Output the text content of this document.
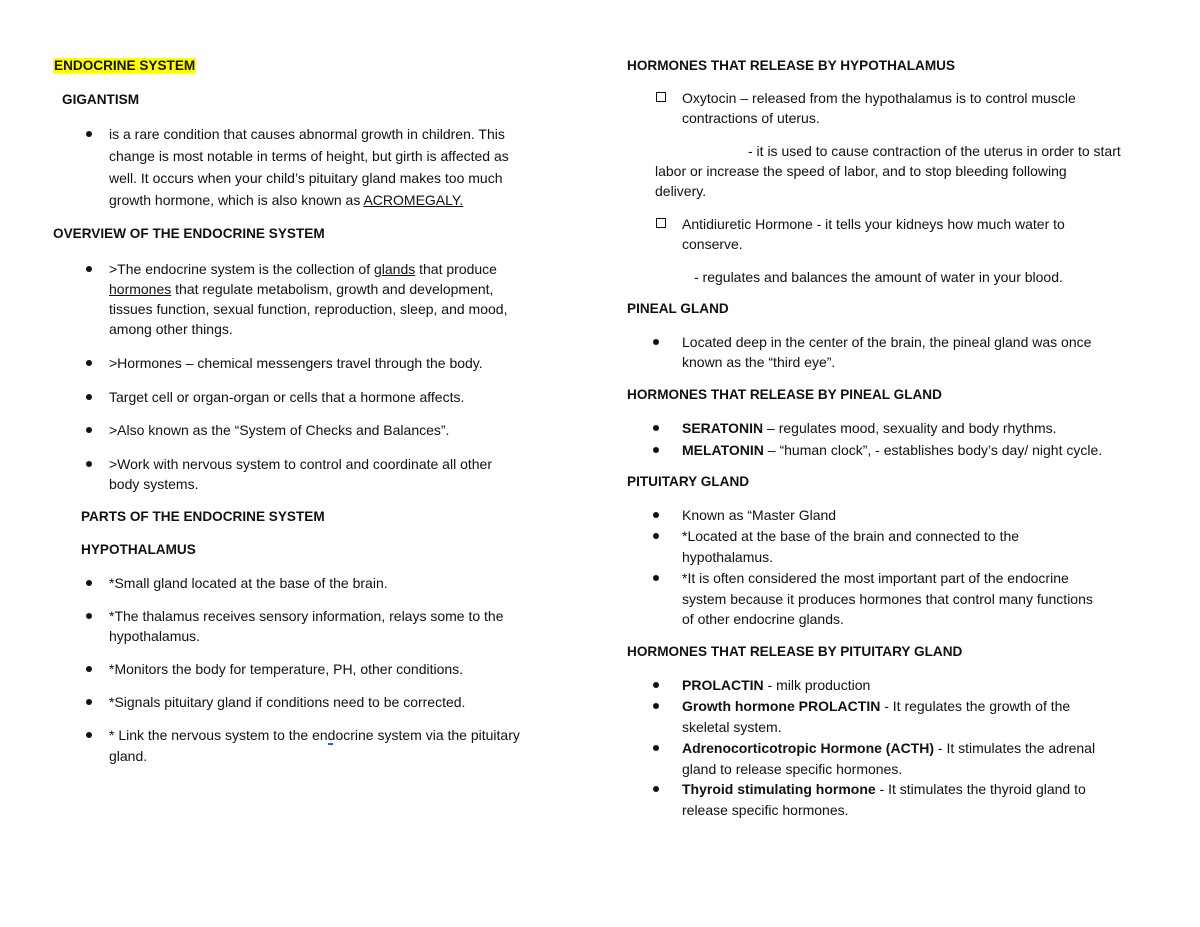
ENDOCRINE SYSTEM
GIGANTISM
is a rare condition that causes abnormal growth in children. This
change is most notable in terms of height, but girth is affected as
well. It occurs when your child’s pituitary gland makes too much
growth hormone, which is also known as ACROMEGALY.
OVERVIEW OF THE ENDOCRINE SYSTEM
>The endocrine system is the collection of glands that produce
hormones that regulate metabolism, growth and development,
tissues function, sexual function, reproduction, sleep, and mood,
among other things.
>Hormones – chemical messengers travel through the body.
Target cell or organ-organ or cells that a hormone affects.
>Also known as the “System of Checks and Balances”.
>Work with nervous system to control and coordinate all other
body systems.
PARTS OF THE ENDOCRINE SYSTEM
HYPOTHALAMUS
*Small gland located at the base of the brain.
*The thalamus receives sensory information, relays some to the
hypothalamus.
*Monitors the body for temperature, PH, other conditions.
*Signals pituitary gland if conditions need to be corrected.
* Link the nervous system to the endocrine system via the pituitary
gland.
HORMONES THAT RELEASE BY HYPOTHALAMUS
Oxytocin – released from the hypothalamus is to control muscle
contractions of uterus.
- it is used to cause contraction of the uterus in order to start
labor or increase the speed of labor, and to stop bleeding following
delivery.
Antidiuretic Hormone - it tells your kidneys how much water to
conserve.
- regulates and balances the amount of water in your blood.
PINEAL GLAND
Located deep in the center of the brain, the pineal gland was once
known as the “third eye”.
HORMONES THAT RELEASE BY PINEAL GLAND
SERATONIN – regulates mood, sexuality and body rhythms.
MELATONIN – “human clock”, - establishes body’s day/ night cycle.
PITUITARY GLAND
Known as “Master Gland
*Located at the base of the brain and connected to the
hypothalamus.
*It is often considered the most important part of the endocrine
system because it produces hormones that control many functions
of other endocrine glands.
HORMONES THAT RELEASE BY PITUITARY GLAND
PROLACTIN - milk production
Growth hormone PROLACTIN - It regulates the growth of the
skeletal system.
Adrenocorticotropic Hormone (ACTH) - It stimulates the adrenal
gland to release specific hormones.
Thyroid stimulating hormone - It stimulates the thyroid gland to
release specific hormones.
